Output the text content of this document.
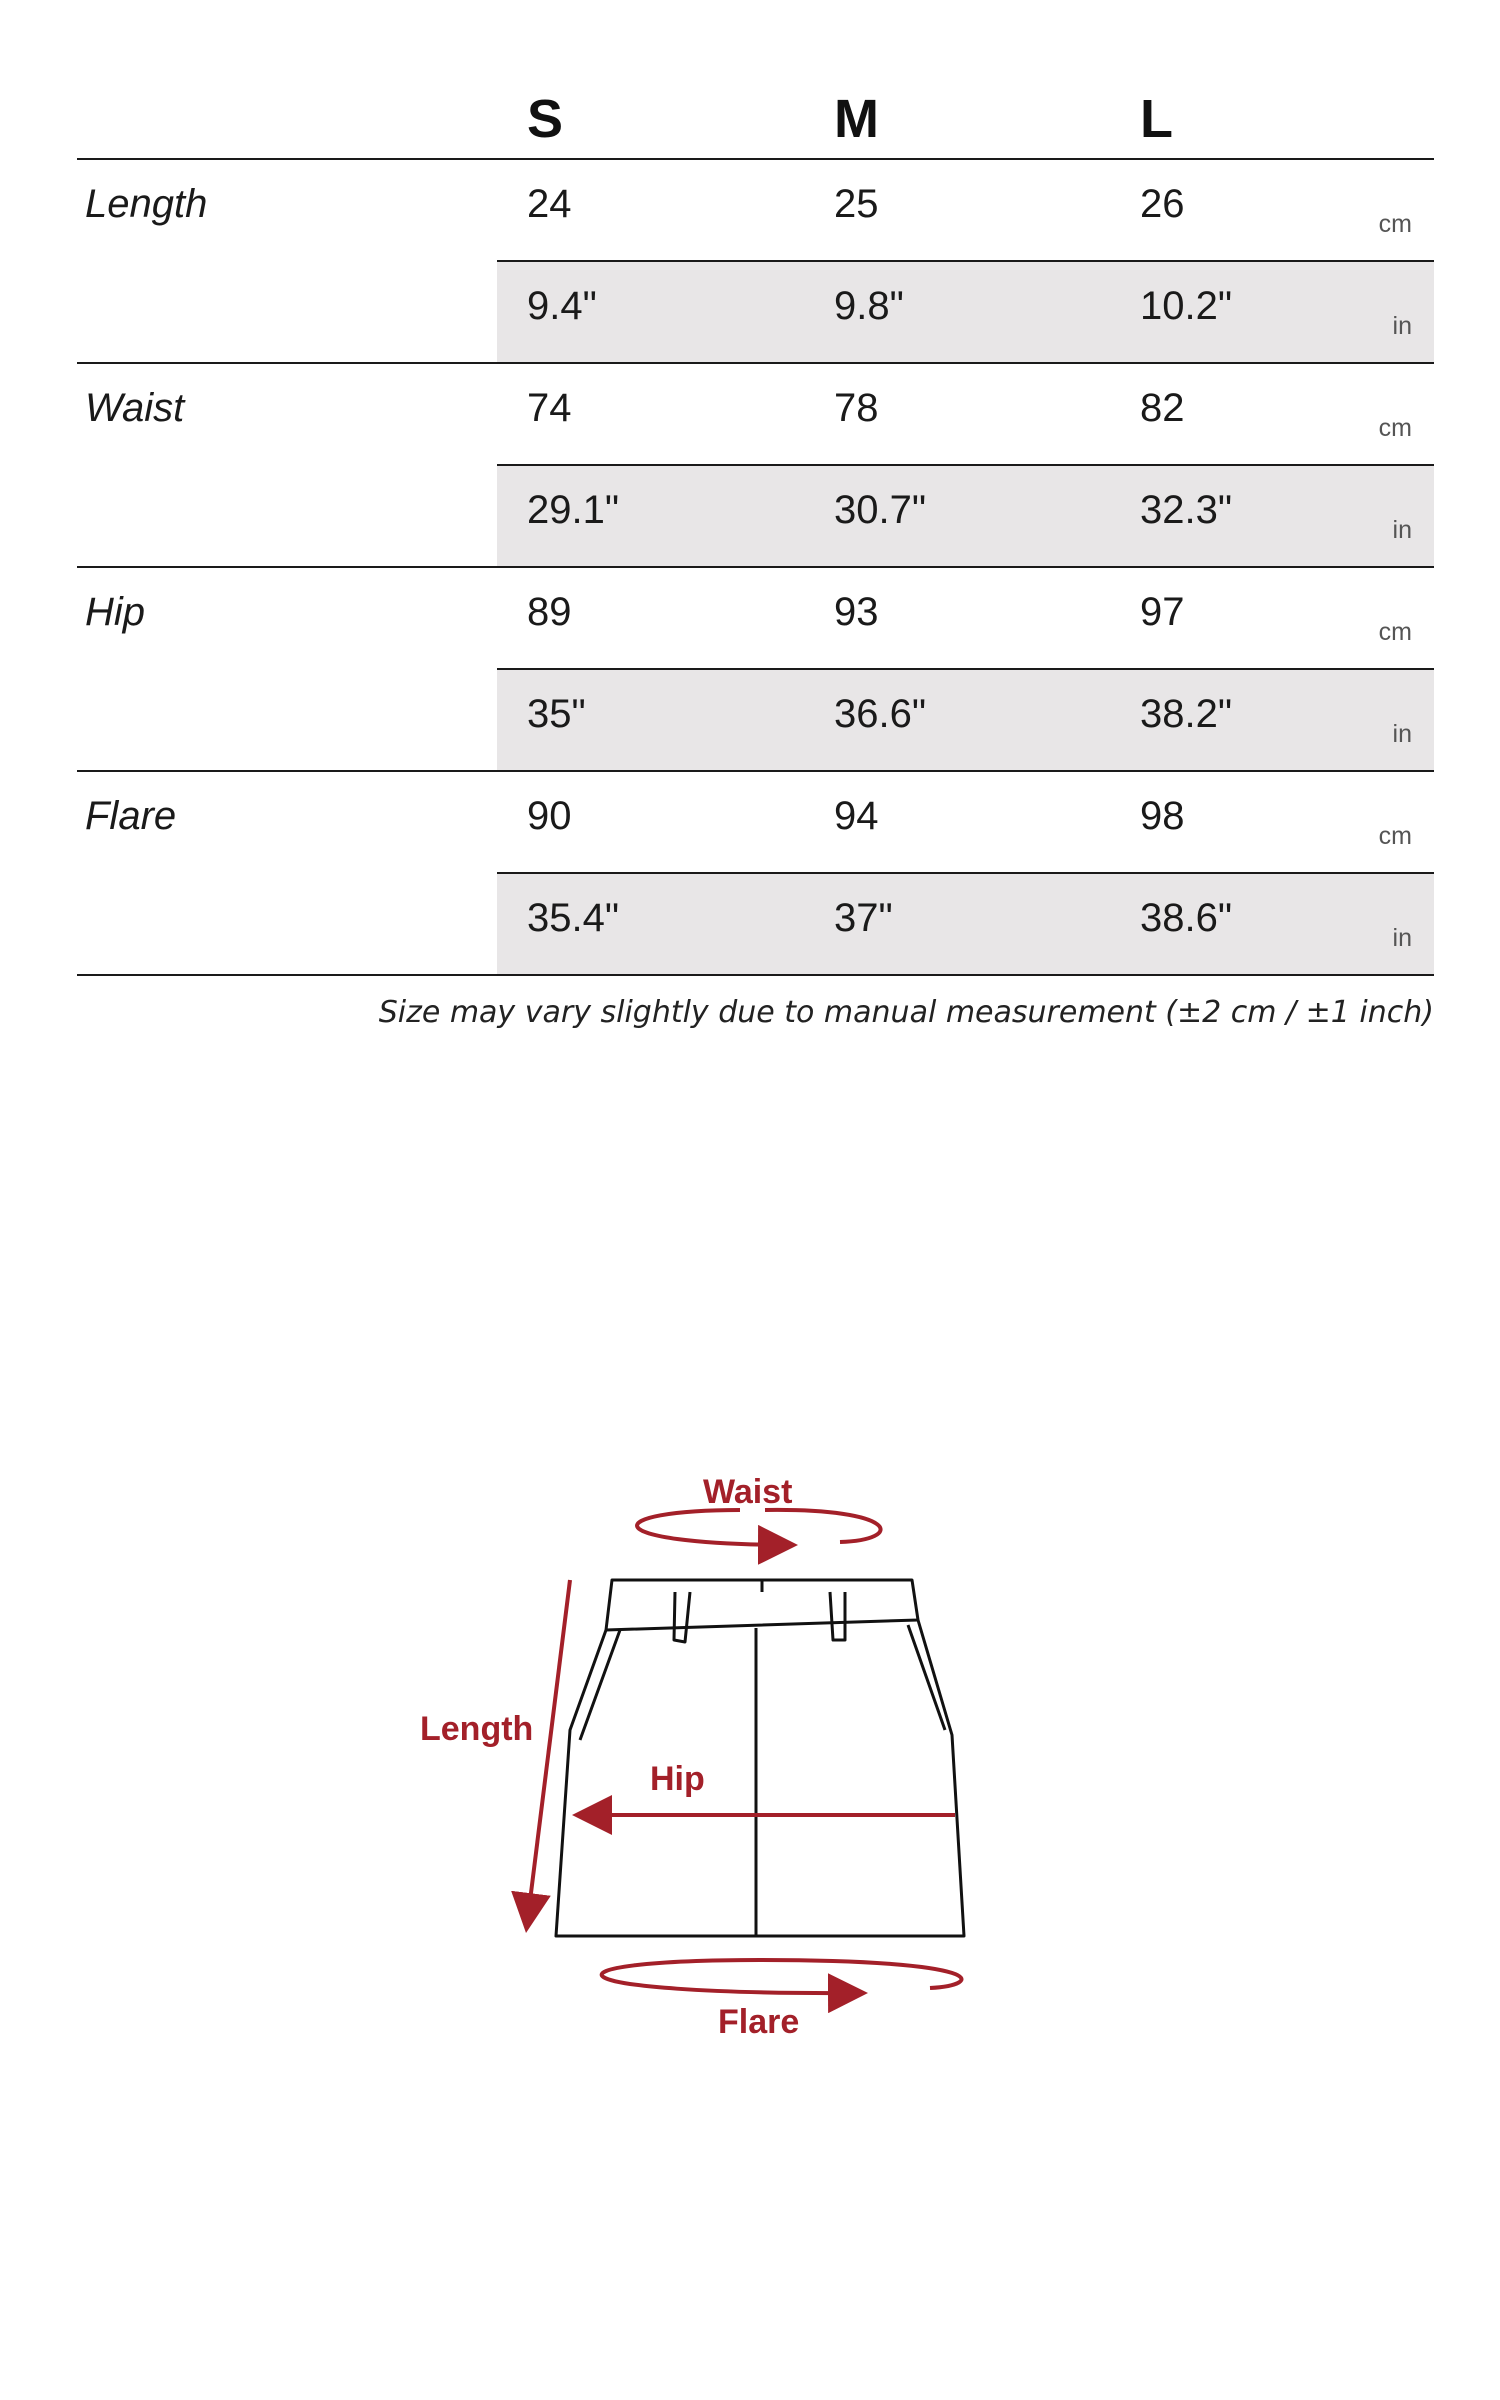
S	M	L
Length	24	25	26	cm
9.4"	9.8"	10.2"	in
Waist	74	78	82	cm
29.1"	30.7"	32.3"	in
Hip	89	93	97	cm
35"	36.6"	38.2"	in
Flare	90	94	98	cm
35.4"	37"	38.6"	in
Size may vary slightly due to manual measurement (±2 cm / ±1 inch)
Waist
Length
Hip
Flare
